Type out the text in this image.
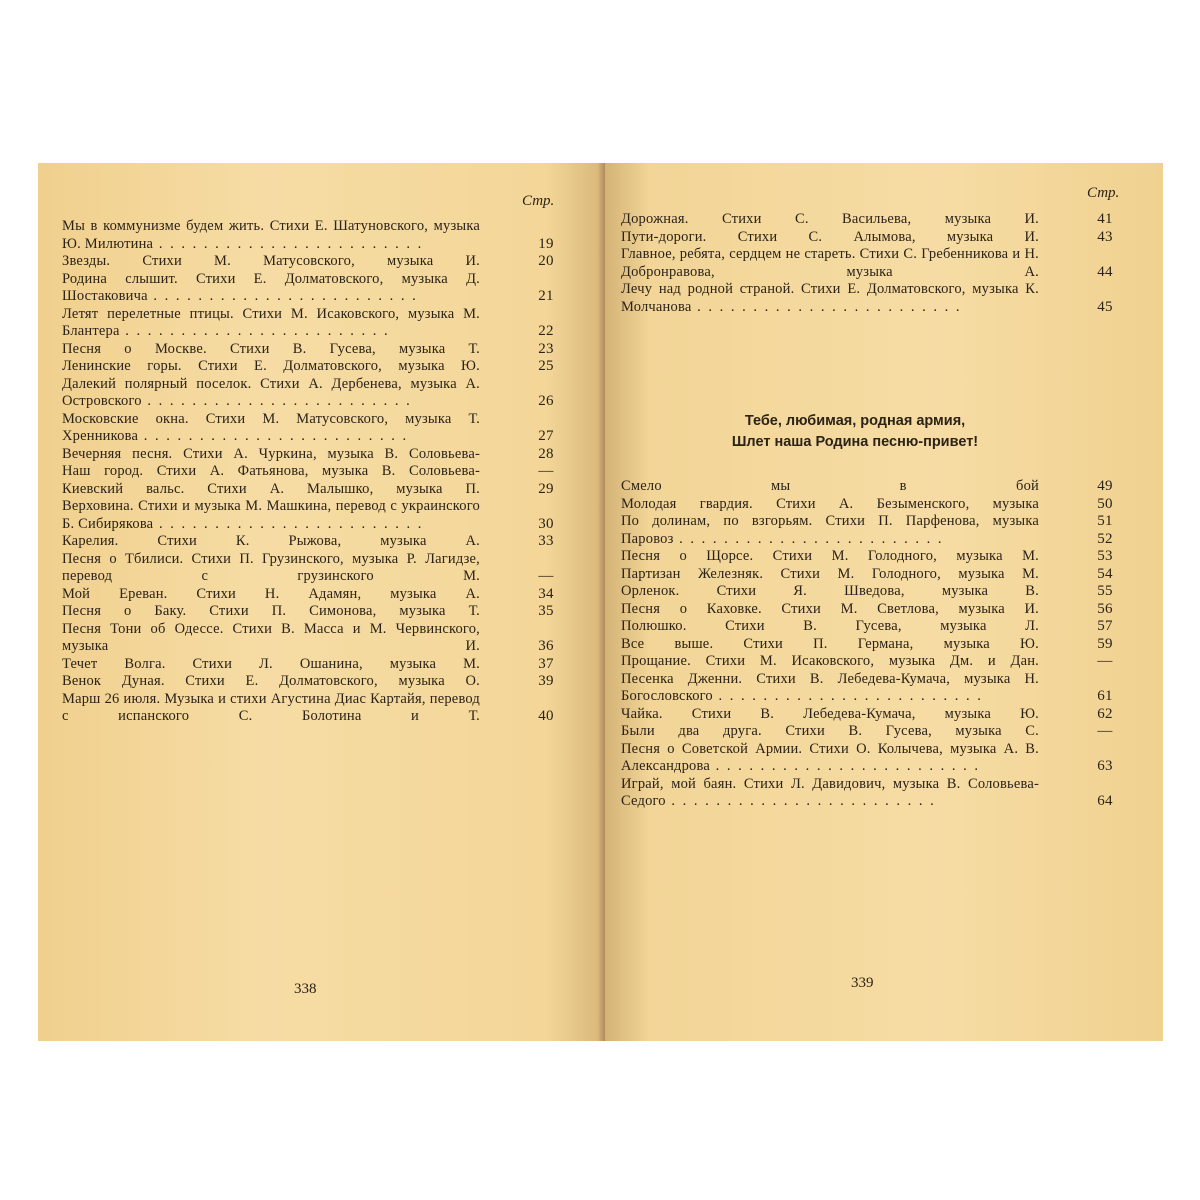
Стр.
Мы в коммунизме будем жить. Стихи Е. Шатуновского, музыка Ю. Милютина . . .	19
Звезды. Стихи М. Матусовского, музыка И. . . .	20
Родина слышит. Стихи Е. Долматовского, музыка Д. Шостаковича . . .	21
Летят перелетные птицы. Стихи М. Исаковского, музыка М. Блантера . . .	22
Песня о Москве. Стихи В. Гусева, музыка Т. . . .	23
Ленинские горы. Стихи Е. Долматовского, музыка Ю. . . .	25
Далекий полярный поселок. Стихи А. Дербенева, музыка А. Островского . . .	26
Московские окна. Стихи М. Матусовского, музыка Т. Хренникова . . .	27
Вечерняя песня. Стихи А. Чуркина, музыка В. Соловьева- . . .	28
Наш город. Стихи А. Фатьянова, музыка В. Соловьева- . . .	—
Киевский вальс. Стихи А. Малышко, музыка П. . . .	29
Верховина. Стихи и музыка М. Машкина, перевод с украинского Б. Сибирякова . . .	30
Карелия. Стихи К. Рыжова, музыка А. . . .	33
Песня о Тбилиси. Стихи П. Грузинского, музыка Р. Лагидзе, перевод с грузинского М. . . .	—
Мой Ереван. Стихи Н. Адамян, музыка А. . . .	34
Песня о Баку. Стихи П. Симонова, музыка Т. . . .	35
Песня Тони об Одессе. Стихи В. Масса и М. Червинского, музыка И. . . .	36
Течет Волга. Стихи Л. Ошанина, музыка М. . . .	37
Венок Дуная. Стихи Е. Долматовского, музыка О. . . .	39
Марш 26 июля. Музыка и стихи Агустина Диас Картайя, перевод с испанского С. Болотина и Т. . . .	40
338
Стр.
Дорожная. Стихи С. Васильева, музыка И. . . .	41
Пути-дороги. Стихи С. Алымова, музыка И. . . .	43
Главное, ребята, сердцем не стареть. Стихи С. Гребенникова и Н. Добронравова, музыка А. . . .	44
Лечу над родной страной. Стихи Е. Долматовского, музыка К. Молчанова . . .	45
Тебе, любимая, родная армия,
Шлет наша Родина песню-привет!
Смело мы в бой . . .	49
Молодая гвардия. Стихи А. Безыменского, музыка . . .	50
По долинам, по взгорьям. Стихи П. Парфенова, музыка . . .	51
Паровоз . . .	52
Песня о Щорсе. Стихи М. Голодного, музыка М. . . .	53
Партизан Железняк. Стихи М. Голодного, музыка М. . . .	54
Орленок. Стихи Я. Шведова, музыка В. . . .	55
Песня о Каховке. Стихи М. Светлова, музыка И. . . .	56
Полюшко. Стихи В. Гусева, музыка Л. . . .	57
Все выше. Стихи П. Германа, музыка Ю. . . .	59
Прощание. Стихи М. Исаковского, музыка Дм. и Дан. . . .	—
Песенка Дженни. Стихи В. Лебедева-Кумача, музыка Н. Богословского . . .	61
Чайка. Стихи В. Лебедева-Кумача, музыка Ю. . . .	62
Были два друга. Стихи В. Гусева, музыка С. . . .	—
Песня о Советской Армии. Стихи О. Колычева, музыка А. В. Александрова . . .	63
Играй, мой баян. Стихи Л. Давидович, музыка В. Соловьева-Седого . . .	64
339
